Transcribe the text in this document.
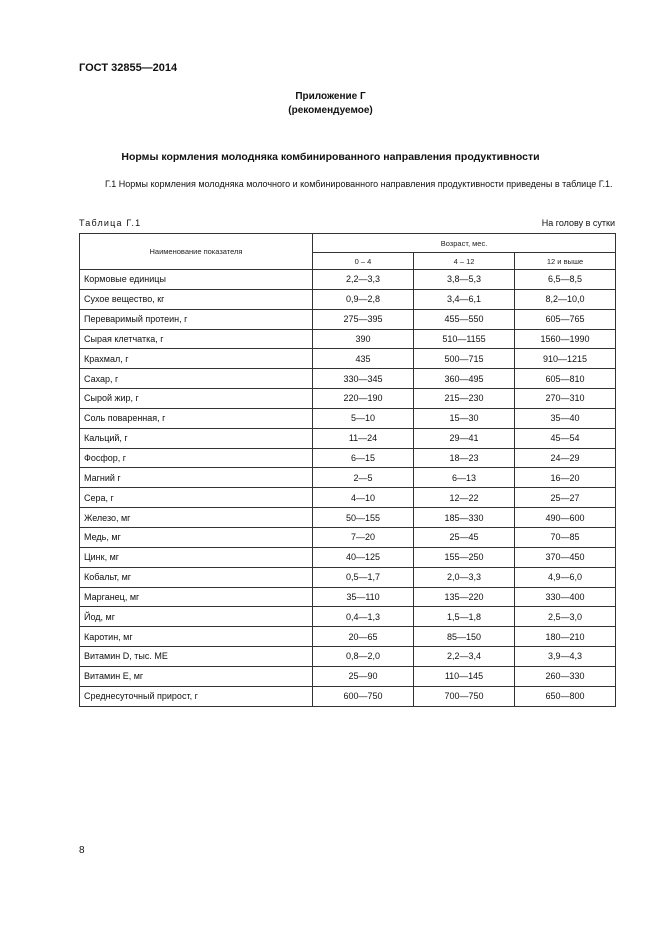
ГОСТ 32855—2014
Приложение Г
(рекомендуемое)
Нормы кормления молодняка комбинированного направления продуктивности
Г.1 Нормы кормления молодняка молочного и комбинированного направления продуктивности приведены в таблице Г.1.
Таблица Г.1	На голову в сутки
Наименование показателя	Возраст, мес.		
	0 – 4	4 – 12	12 и выше
Кормовые единицы	2,2—3,3	3,8—5,3	6,5—8,5
Сухое вещество, кг	0,9—2,8	3,4—6,1	8,2—10,0
Переваримый протеин, г	275—395	455—550	605—765
Сырая клетчатка, г	390	510—1155	1560—1990
Крахмал, г	435	500—715	910—1215
Сахар, г	330—345	360—495	605—810
Сырой жир, г	220—190	215—230	270—310
Соль поваренная, г	5—10	15—30	35—40
Кальций, г	11—24	29—41	45—54
Фосфор, г	6—15	18—23	24—29
Магний г	2—5	6—13	16—20
Сера, г	4—10	12—22	25—27
Железо, мг	50—155	185—330	490—600
Медь, мг	7—20	25—45	70—85
Цинк, мг	40—125	155—250	370—450
Кобальт, мг	0,5—1,7	2,0—3,3	4,9—6,0
Марганец, мг	35—110	135—220	330—400
Йод, мг	0,4—1,3	1,5—1,8	2,5—3,0
Каротин, мг	20—65	85—150	180—210
Витамин D, тыс. МЕ	0,8—2,0	2,2—3,4	3,9—4,3
Витамин Е, мг	25—90	110—145	260—330
Среднесуточный прирост, г	600—750	700—750	650—800
8
